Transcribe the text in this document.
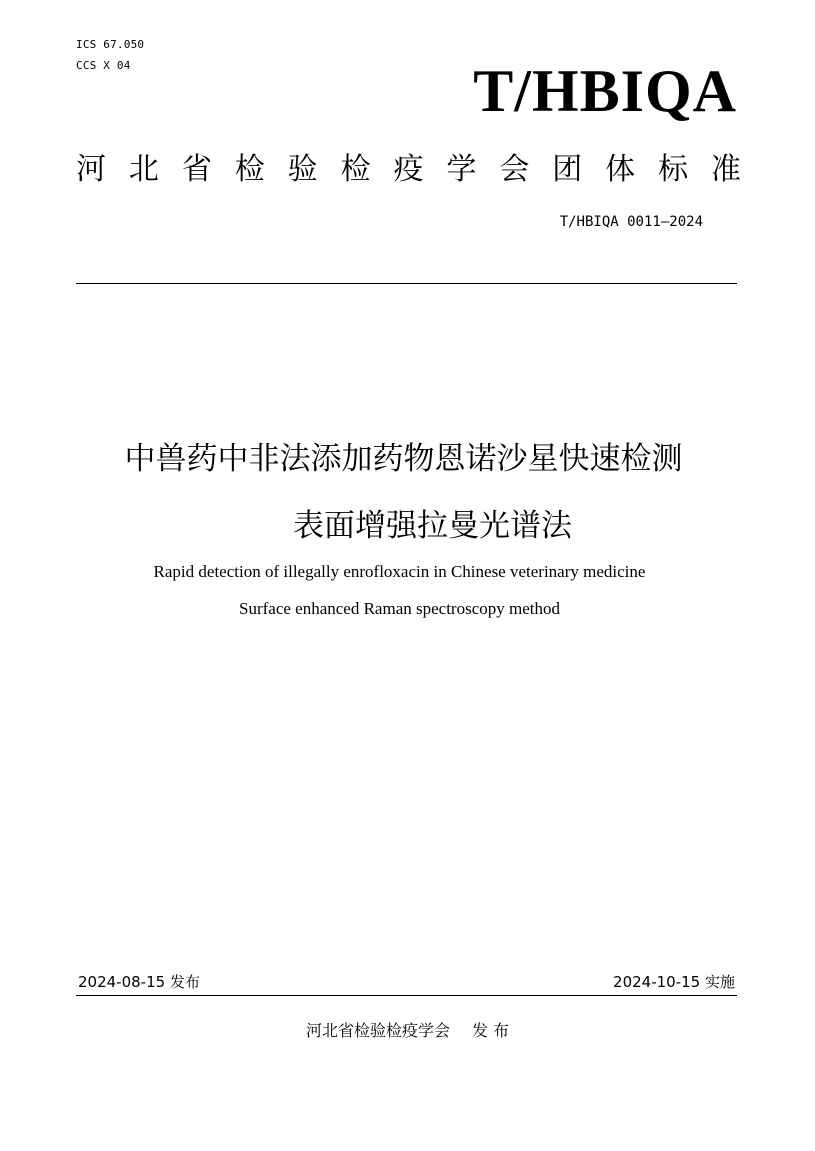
ICS 67.050
CCS X 04	T/HBIQA
河 北 省 检 验 检 疫 学 会 团 体 标 准
T/HBIQA 0011—2024
中兽药中非法添加药物恩诺沙星快速检测
表面增强拉曼光谱法
Rapid detection of illegally enrofloxacin in Chinese veterinary medicine
Surface enhanced Raman spectroscopy method
2024-08-15 发布	2024-10-15 实施
河北省检验检疫学会 发 布
